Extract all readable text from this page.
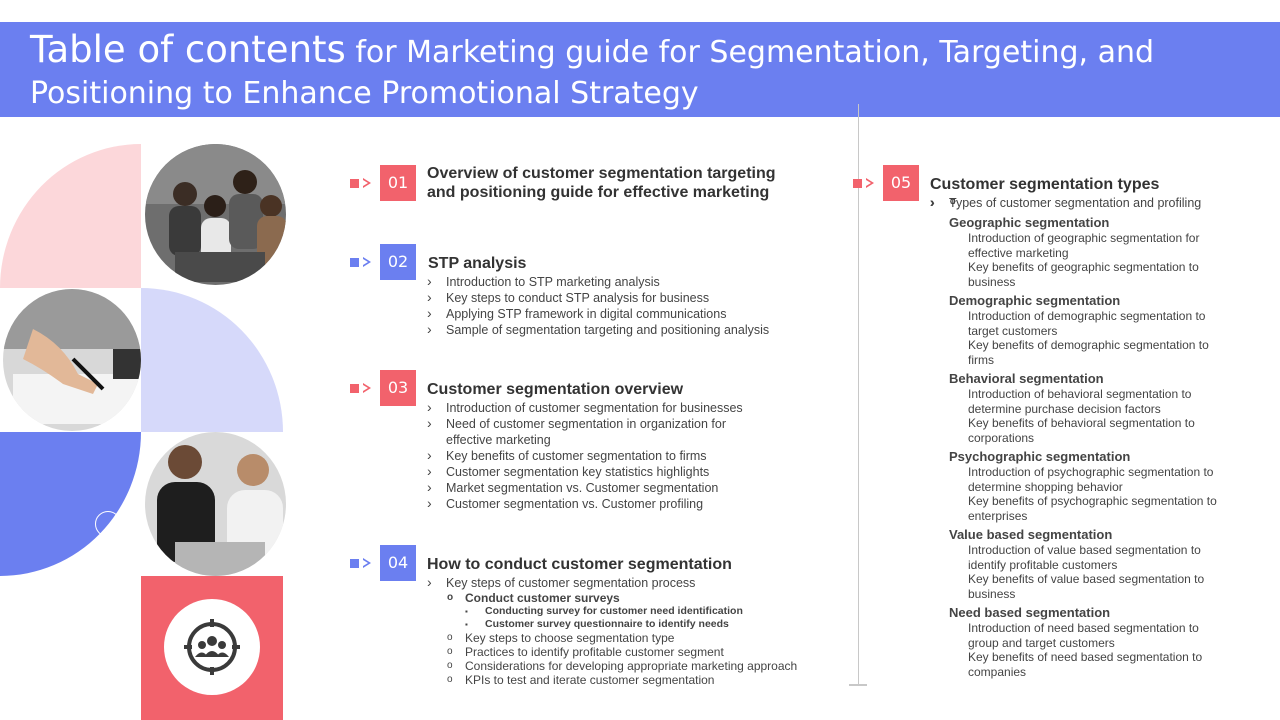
Table of contents for Marketing guide for Segmentation, Targeting, and
Positioning to Enhance Promotional Strategy
01	Overview of customer segmentation targeting
and positioning guide for effective marketing
02	STP analysis
› Introduction to STP marketing analysis
› Key steps to conduct STP analysis for business
› Applying STP framework in digital communications
› Sample of segmentation targeting and positioning analysis
03	Customer segmentation overview
› Introduction of customer segmentation for businesses
› Need of customer segmentation in organization for effective marketing
› Key benefits of customer segmentation to firms
› Customer segmentation key statistics highlights
› Market segmentation vs. Customer segmentation
› Customer segmentation vs. Customer profiling
04	How to conduct customer segmentation
› Key steps of customer segmentation process
o Conduct customer surveys
▪ Conducting survey for customer need identification
▪ Customer survey questionnaire to identify needs
o Key steps to choose segmentation type
o Practices to identify profitable customer segment
o Considerations for developing appropriate marketing approach
o KPIs to test and iterate customer segmentation
05	Customer segmentation types
› Types of customer segmentation and profiling
› Geographic segmentation
o Introduction of geographic segmentation for effective marketing
o Key benefits of geographic segmentation to business
› Demographic segmentation
o Introduction of demographic segmentation to target customers
o Key benefits of demographic segmentation to firms
› Behavioral segmentation
o Introduction of behavioral segmentation to determine purchase decision factors
o Key benefits of behavioral segmentation to corporations
› Psychographic segmentation
o Introduction of psychographic segmentation to determine shopping behavior
o Key benefits of psychographic segmentation to enterprises
› Value based segmentation
o Introduction of value based segmentation to identify profitable customers
o Key benefits of value based segmentation to business
› Need based segmentation
o Introduction of need based segmentation to group and target customers
o Key benefits of need based segmentation to companies
